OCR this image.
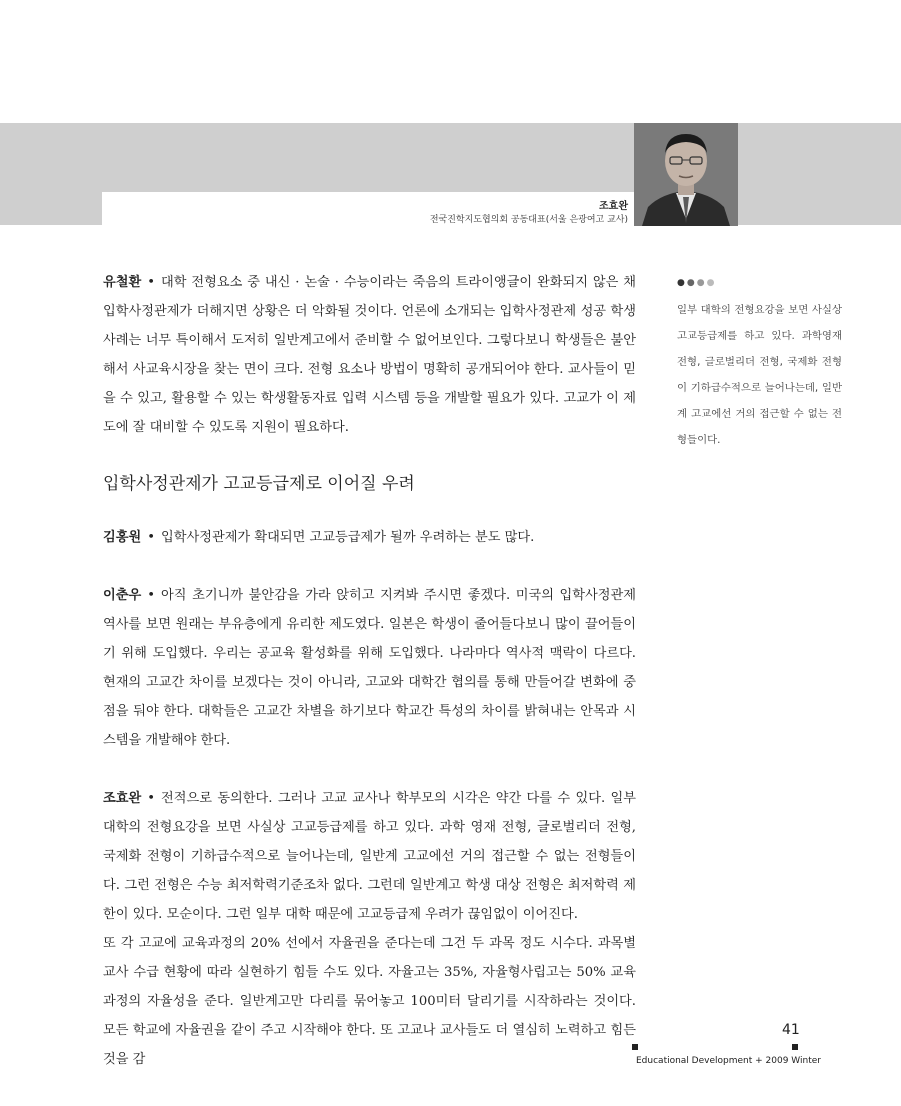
조효완
전국진학지도협의회 공동대표(서울 은광여고 교사)
●●●●
일부 대학의 전형요강을 보면 사실상 고교등급제를 하고 있다. 과학영재 전형, 글로벌리더 전형, 국제화 전형이 기하급수적으로 늘어나는데, 일반계 고교에선 거의 접근할 수 없는 전형들이다.

유철환 • 대학 전형요소 중 내신 · 논술 · 수능이라는 죽음의 트라이앵글이 완화되지 않은 채 입학사정관제가 더해지면 상황은 더 악화될 것이다. 언론에 소개되는 입학사정관제 성공 학생 사례는 너무 특이해서 도저히 일반계고에서 준비할 수 없어보인다. 그렇다보니 학생들은 불안해서 사교육시장을 찾는 면이 크다. 전형 요소나 방법이 명확히 공개되어야 한다. 교사들이 믿을 수 있고, 활용할 수 있는 학생활동자료 입력 시스템 등을 개발할 필요가 있다. 고교가 이 제도에 잘 대비할 수 있도록 지원이 필요하다.

입학사정관제가 고교등급제로 이어질 우려

김홍원 • 입학사정관제가 확대되면 고교등급제가 될까 우려하는 분도 많다.

이춘우 • 아직 초기니까 불안감을 가라 앉히고 지켜봐 주시면 좋겠다. 미국의 입학사정관제 역사를 보면 원래는 부유층에게 유리한 제도였다. 일본은 학생이 줄어들다보니 많이 끌어들이기 위해 도입했다. 우리는 공교육 활성화를 위해 도입했다. 나라마다 역사적 맥락이 다르다. 현재의 고교간 차이를 보겠다는 것이 아니라, 고교와 대학간 협의를 통해 만들어갈 변화에 중점을 둬야 한다. 대학들은 고교간 차별을 하기보다 학교간 특성의 차이를 밝혀내는 안목과 시스템을 개발해야 한다.

조효완 • 전적으로 동의한다. 그러나 고교 교사나 학부모의 시각은 약간 다를 수 있다. 일부 대학의 전형요강을 보면 사실상 고교등급제를 하고 있다. 과학 영재 전형, 글로벌리더 전형, 국제화 전형이 기하급수적으로 늘어나는데, 일반계 고교에선 거의 접근할 수 없는 전형들이다. 그런 전형은 수능 최저학력기준조차 없다. 그런데 일반계고 학생 대상 전형은 최저학력 제한이 있다. 모순이다. 그런 일부 대학 때문에 고교등급제 우려가 끊임없이 이어진다.

또 각 고교에 교육과정의 20% 선에서 자율권을 준다는데 그건 두 과목 정도 시수다. 과목별 교사 수급 현황에 따라 실현하기 힘들 수도 있다. 자율고는 35%, 자율형사립고는 50% 교육과정의 자율성을 준다. 일반계고만 다리를 묶어놓고 100미터 달리기를 시작하라는 것이다. 모든 학교에 자율권을 같이 주고 시작해야 한다. 또 고교나 교사들도 더 열심히 노력하고 힘든 것을 감

41
Educational Development + 2009 Winter
